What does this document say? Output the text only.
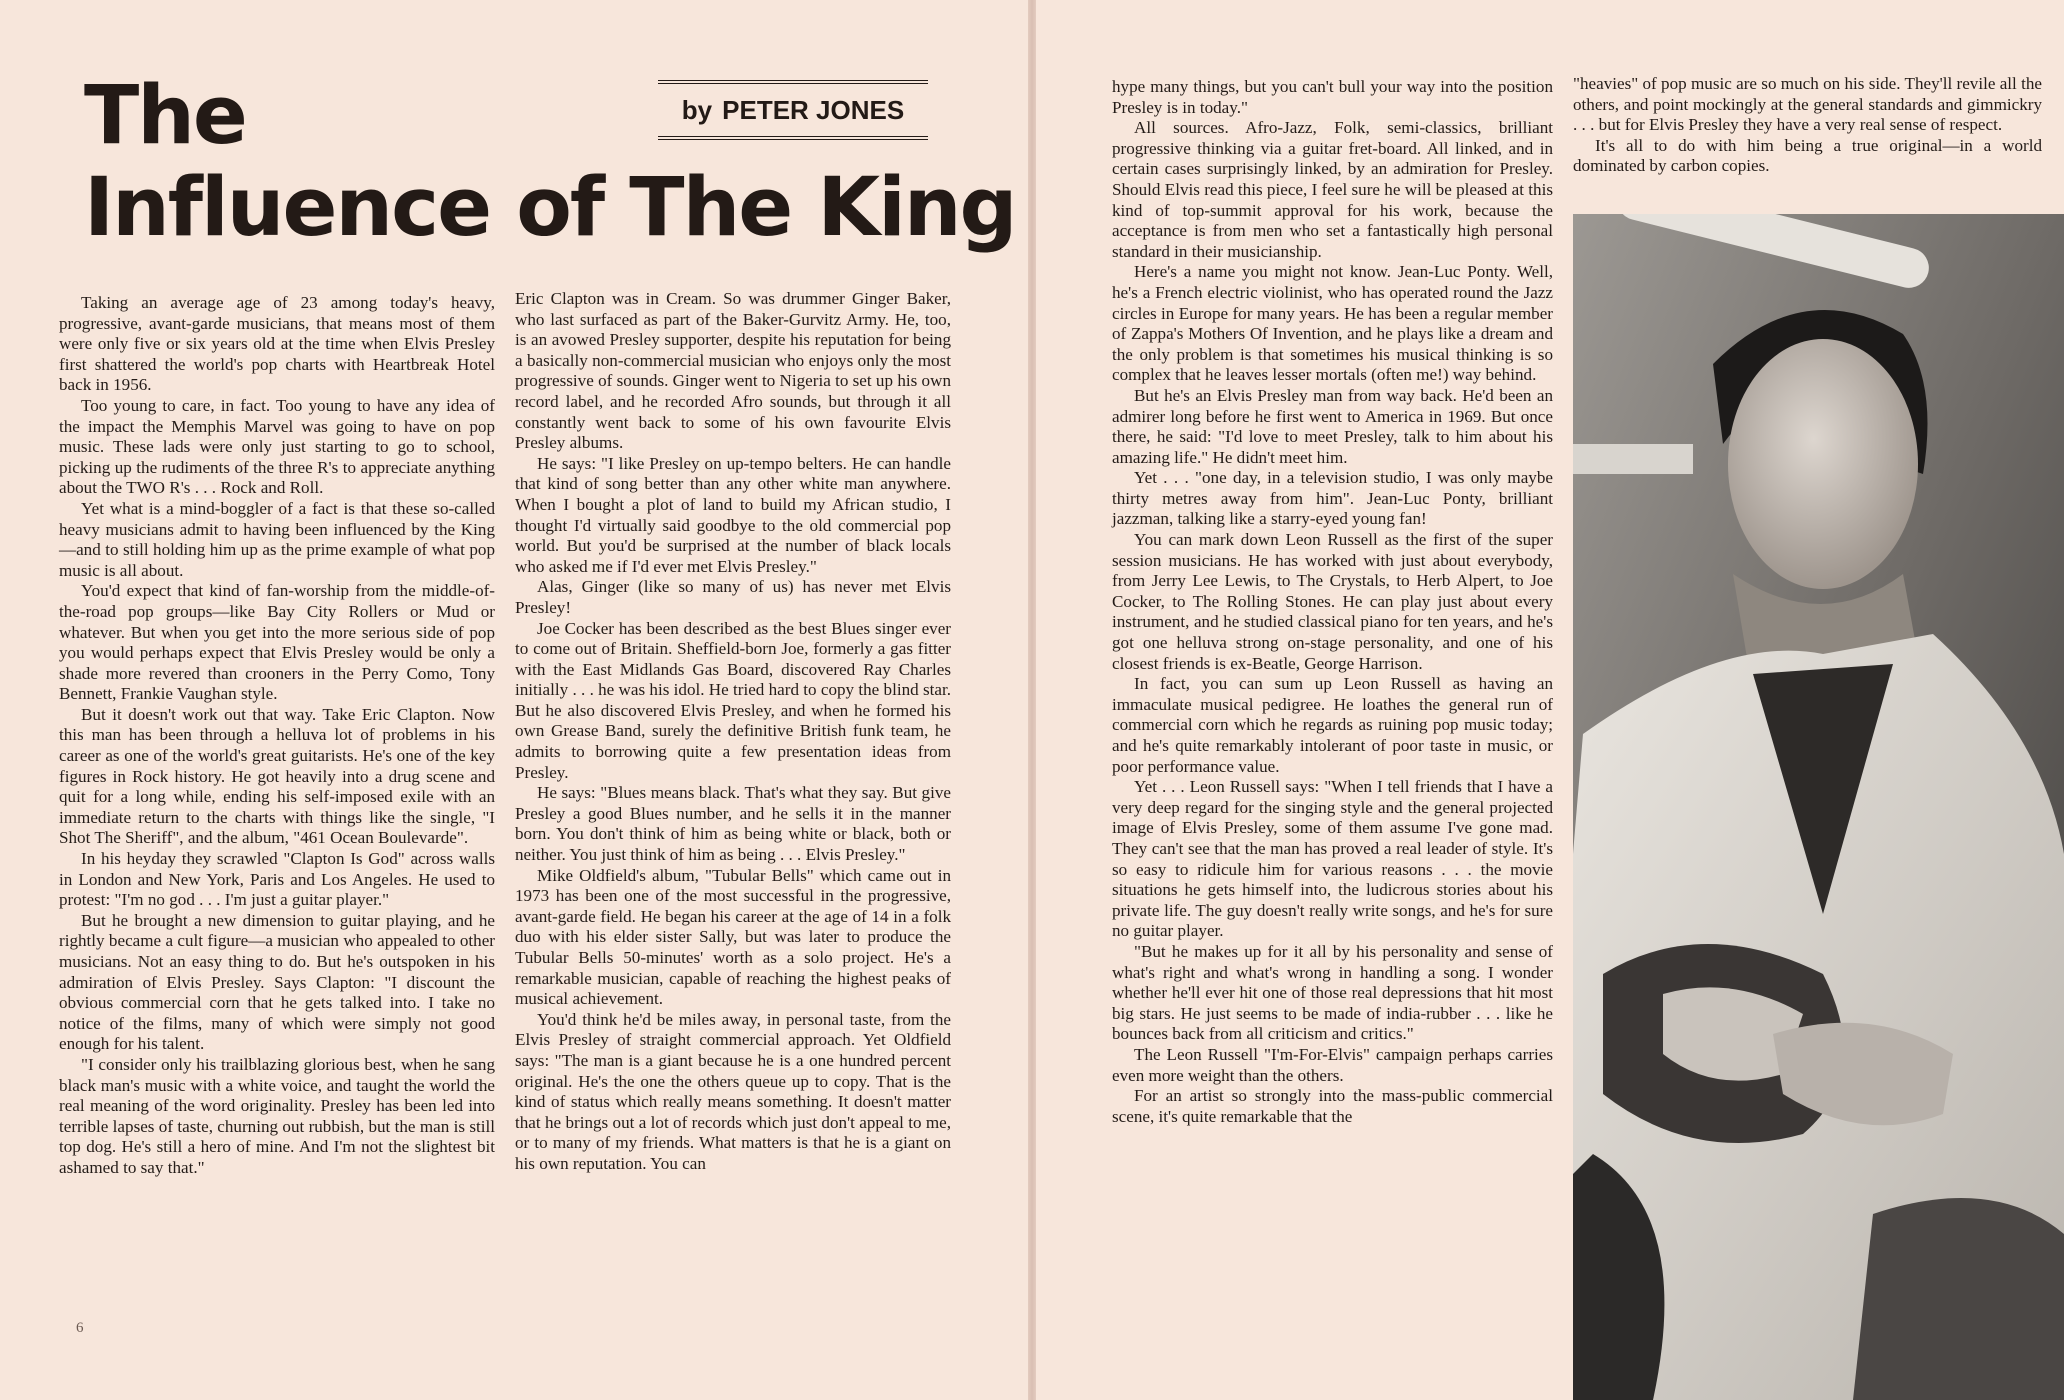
The
Influence of The King
by PETER JONES

Taking an average age of 23 among today's heavy, progressive, avant-garde musicians, that means most of them were only five or six years old at the time when Elvis Presley first shattered the world's pop charts with Heartbreak Hotel back in 1956.

Too young to care, in fact. Too young to have any idea of the impact the Memphis Marvel was going to have on pop music. These lads were only just starting to go to school, picking up the rudiments of the three R's to appreciate anything about the TWO R's . . . Rock and Roll.

Yet what is a mind-boggler of a fact is that these so-called heavy musicians admit to having been influenced by the King—and to still holding him up as the prime example of what pop music is all about.

You'd expect that kind of fan-worship from the middle-of-the-road pop groups—like Bay City Rollers or Mud or whatever. But when you get into the more serious side of pop you would perhaps expect that Elvis Presley would be only a shade more revered than crooners in the Perry Como, Tony Bennett, Frankie Vaughan style.

But it doesn't work out that way. Take Eric Clapton. Now this man has been through a helluva lot of problems in his career as one of the world's great guitarists. He's one of the key figures in Rock history. He got heavily into a drug scene and quit for a long while, ending his self-imposed exile with an immediate return to the charts with things like the single, "I Shot The Sheriff", and the album, "461 Ocean Boulevarde".

In his heyday they scrawled "Clapton Is God" across walls in London and New York, Paris and Los Angeles. He used to protest: "I'm no god . . . I'm just a guitar player."

But he brought a new dimension to guitar playing, and he rightly became a cult figure—a musician who appealed to other musicians. Not an easy thing to do. But he's outspoken in his admiration of Elvis Presley. Says Clapton: "I discount the obvious commercial corn that he gets talked into. I take no notice of the films, many of which were simply not good enough for his talent.

"I consider only his trailblazing glorious best, when he sang black man's music with a white voice, and taught the world the real meaning of the word originality. Presley has been led into terrible lapses of taste, churning out rubbish, but the man is still top dog. He's still a hero of mine. And I'm not the slightest bit ashamed to say that."

Eric Clapton was in Cream. So was drummer Ginger Baker, who last surfaced as part of the Baker-Gurvitz Army. He, too, is an avowed Presley supporter, despite his reputation for being a basically non-commercial musician who enjoys only the most progressive of sounds. Ginger went to Nigeria to set up his own record label, and he recorded Afro sounds, but through it all constantly went back to some of his own favourite Elvis Presley albums.

He says: "I like Presley on up-tempo belters. He can handle that kind of song better than any other white man anywhere. When I bought a plot of land to build my African studio, I thought I'd virtually said goodbye to the old commercial pop world. But you'd be surprised at the number of black locals who asked me if I'd ever met Elvis Presley."

Alas, Ginger (like so many of us) has never met Elvis Presley!

Joe Cocker has been described as the best Blues singer ever to come out of Britain. Sheffield-born Joe, formerly a gas fitter with the East Midlands Gas Board, discovered Ray Charles initially . . . he was his idol. He tried hard to copy the blind star. But he also discovered Elvis Presley, and when he formed his own Grease Band, surely the definitive British funk team, he admits to borrowing quite a few presentation ideas from Presley.

He says: "Blues means black. That's what they say. But give Presley a good Blues number, and he sells it in the manner born. You don't think of him as being white or black, both or neither. You just think of him as being . . . Elvis Presley."

Mike Oldfield's album, "Tubular Bells" which came out in 1973 has been one of the most successful in the progressive, avant-garde field. He began his career at the age of 14 in a folk duo with his elder sister Sally, but was later to produce the Tubular Bells 50-minutes' worth as a solo project. He's a remarkable musician, capable of reaching the highest peaks of musical achievement.

You'd think he'd be miles away, in personal taste, from the Elvis Presley of straight commercial approach. Yet Oldfield says: "The man is a giant because he is a one hundred percent original. He's the one the others queue up to copy. That is the kind of status which really means something. It doesn't matter that he brings out a lot of records which just don't appeal to me, or to many of my friends. What matters is that he is a giant on his own reputation. You can

6

hype many things, but you can't bull your way into the position Presley is in today."

All sources. Afro-Jazz, Folk, semi-classics, brilliant progressive thinking via a guitar fret-board. All linked, and in certain cases surprisingly linked, by an admiration for Presley. Should Elvis read this piece, I feel sure he will be pleased at this kind of top-summit approval for his work, because the acceptance is from men who set a fantastically high personal standard in their musicianship.

Here's a name you might not know. Jean-Luc Ponty. Well, he's a French electric violinist, who has operated round the Jazz circles in Europe for many years. He has been a regular member of Zappa's Mothers Of Invention, and he plays like a dream and the only problem is that sometimes his musical thinking is so complex that he leaves lesser mortals (often me!) way behind.

But he's an Elvis Presley man from way back. He'd been an admirer long before he first went to America in 1969. But once there, he said: "I'd love to meet Presley, talk to him about his amazing life." He didn't meet him.

Yet . . . "one day, in a television studio, I was only maybe thirty metres away from him". Jean-Luc Ponty, brilliant jazzman, talking like a starry-eyed young fan!

You can mark down Leon Russell as the first of the super session musicians. He has worked with just about everybody, from Jerry Lee Lewis, to The Crystals, to Herb Alpert, to Joe Cocker, to The Rolling Stones. He can play just about every instrument, and he studied classical piano for ten years, and he's got one helluva strong on-stage personality, and one of his closest friends is ex-Beatle, George Harrison.

In fact, you can sum up Leon Russell as having an immaculate musical pedigree. He loathes the general run of commercial corn which he regards as ruining pop music today; and he's quite remarkably intolerant of poor taste in music, or poor performance value.

Yet . . . Leon Russell says: "When I tell friends that I have a very deep regard for the singing style and the general projected image of Elvis Presley, some of them assume I've gone mad. They can't see that the man has proved a real leader of style. It's so easy to ridicule him for various reasons . . . the movie situations he gets himself into, the ludicrous stories about his private life. The guy doesn't really write songs, and he's for sure no guitar player.

"But he makes up for it all by his personality and sense of what's right and what's wrong in handling a song. I wonder whether he'll ever hit one of those real depressions that hit most big stars. He just seems to be made of india-rubber . . . like he bounces back from all criticism and critics."

The Leon Russell "I'm-For-Elvis" campaign perhaps carries even more weight than the others.

For an artist so strongly into the mass-public commercial scene, it's quite remarkable that the

"heavies" of pop music are so much on his side. They'll revile all the others, and point mockingly at the general standards and gimmickry . . . but for Elvis Presley they have a very real sense of respect.

It's all to do with him being a true original—in a world dominated by carbon copies.
